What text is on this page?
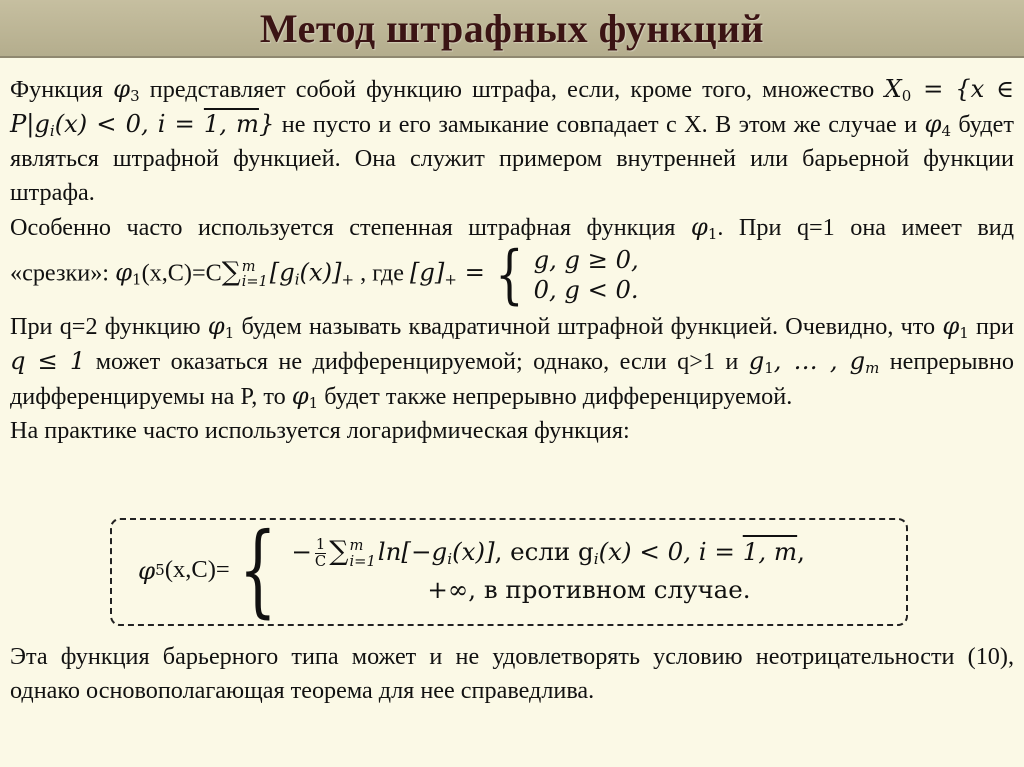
Метод штрафных функций

Функция $\varphi_3$ представляет собой функцию штрафа, если, кроме того, множество $X_0 = \{x$ ∈ $P|g_i(x) < 0$, i = 1, m} не пусто и его замыкание совпадает с X. В этом же случае и $\varphi_4$ будет являться штрафной функцией. Она служит примером внутренней или барьерной функции штрафа.

Особенно часто используется степенная штрафная функция $\varphi_1$. При q=1 она имеет вид «срезки»: $\varphi_1(x,C)=C\sum$ m
i=1 $[g_i(x)]_+$ , где $[g]_+$ = { g, g ≥ 0,
0, g < 0.

При q=2 функцию $\varphi_1$ будем называть квадратичной штрафной функцией. Очевидно, что $\varphi_1$ при q ≤ 1 может оказаться не дифференцируемой; однако, если q>1 и $g_1$, … , $g_m$ непрерывно дифференцируемы на P, то $\varphi_1$ будет также непрерывно дифференцируемой.

На практике часто используется логарифмическая функция:

φ 5 (x,C)= { − $\frac{1}{C}$ ∑ m
i=1 $\ln[-g_i(x)]$, если $g_i(x) < 0$, i = 1, m,
+∞, в противном случае.

Эта функция барьерного типа может и не удовлетворять условию неотрицательности (10), однако основополагающая теорема для нее справедлива.
